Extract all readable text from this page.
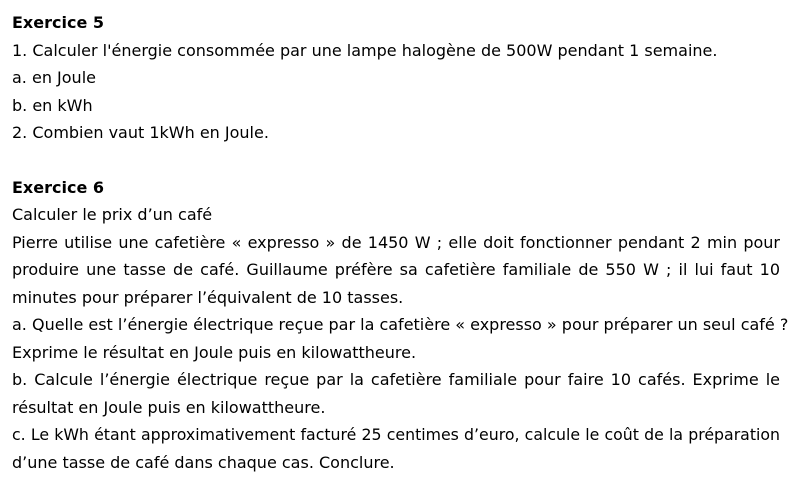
Exercice 5
1. Calculer l'énergie consommée par une lampe halogène de 500W pendant 1 semaine.
a. en Joule
b. en kWh
2. Combien vaut 1kWh en Joule.
Exercice 6
Calculer le prix d’un café
Pierre utilise une cafetière « expresso » de 1450 W ; elle doit fonctionner pendant 2 min pour
produire une tasse de café. Guillaume préfère sa cafetière familiale de 550 W ; il lui faut 10
minutes pour préparer l’équivalent de 10 tasses.
a. Quelle est l’énergie électrique reçue par la cafetière « expresso » pour préparer un seul café ?
Exprime le résultat en Joule puis en kilowattheure.
b. Calcule l’énergie électrique reçue par la cafetière familiale pour faire 10 cafés. Exprime le
résultat en Joule puis en kilowattheure.
c. Le kWh étant approximativement facturé 25 centimes d’euro, calcule le coût de la préparation
d’une tasse de café dans chaque cas. Conclure.
